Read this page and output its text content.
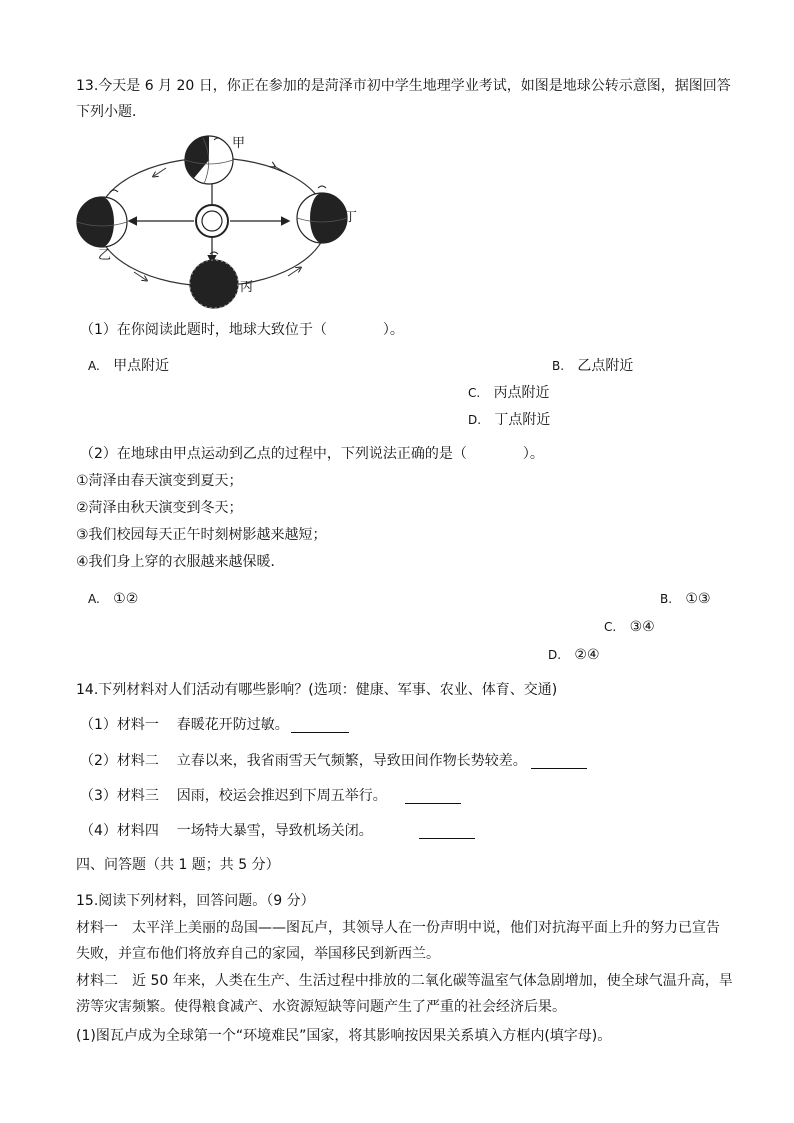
13.今天是 6 月 20 日，你正在参加的是菏泽市初中学生地理学业考试，如图是地球公转示意图，据图回答
下列小题．
甲
乙
丙
丁
（1）在你阅读此题时，地球大致位于（　　　　）。
A. 甲点附近	B. 乙点附近
C. 丙点附近
D. 丁点附近
（2）在地球由甲点运动到乙点的过程中，下列说法正确的是（　　　　）。
①菏泽由春天演变到夏天；
②菏泽由秋天演变到冬天；
③我们校园每天正午时刻树影越来越短；
④我们身上穿的衣服越来越保暖．
A. ①②	B. ①③
C. ③④
D. ②④
14.下列材料对人们活动有哪些影响？(选项：健康、军事、农业、体育、交通)
（1）材料一 春暖花开防过敏。
（2）材料二 立春以来，我省雨雪天气频繁，导致田间作物长势较差。
（3）材料三 因雨，校运会推迟到下周五举行。
（4）材料四 一场特大暴雪，导致机场关闭。
四、问答题（共 1 题；共 5 分）
15.阅读下列材料，回答问题。（9 分）
材料一　太平洋上美丽的岛国——图瓦卢，其领导人在一份声明中说，他们对抗海平面上升的努力已宣告
失败，并宣布他们将放弃自己的家园，举国移民到新西兰。
材料二　近 50 年来，人类在生产、生活过程中排放的二氧化碳等温室气体急剧增加，使全球气温升高，旱
涝等灾害频繁。使得粮食减产、水资源短缺等问题产生了严重的社会经济后果。
(1)图瓦卢成为全球第一个“环境难民”国家，将其影响按因果关系填入方框内(填字母)。
